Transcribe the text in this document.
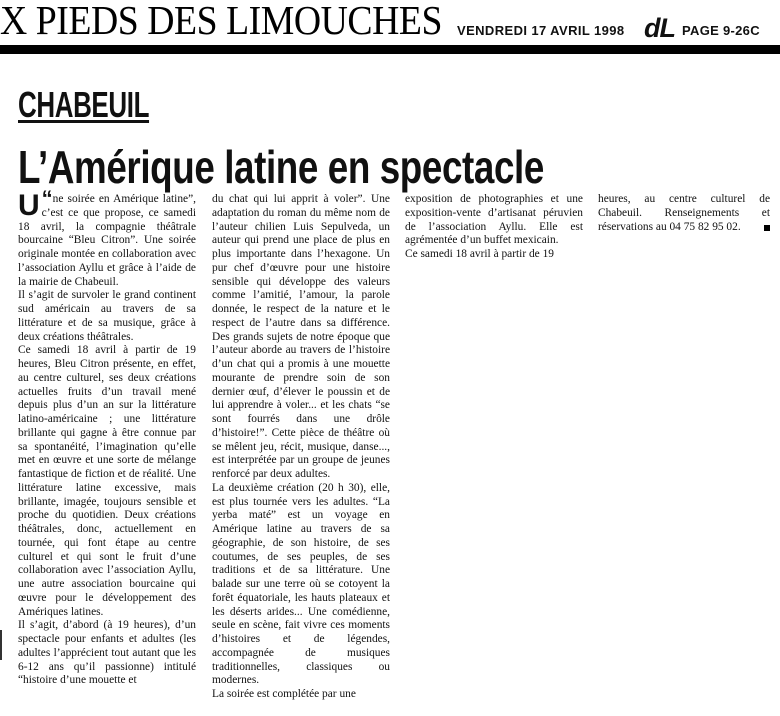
X PIEDS DES LIMOUCHES VENDREDI 17 AVRIL 1998 dL PAGE 9-26C
CHABEUIL
L’Amérique latine en spectacle

“
U ne soirée en Amérique latine”, c’est ce que propose, ce samedi 18 avril, la compagnie théâtrale bourcaine “Bleu Citron”. Une soirée originale montée en collaboration avec l’association Ayllu et grâce à l’aide de la mairie de Chabeuil.

Il s’agit de survoler le grand continent sud américain au travers de sa littérature et de sa musique, grâce à deux créations théâtrales.

Ce samedi 18 avril à partir de 19 heures, Bleu Citron présente, en effet, au centre culturel, ses deux créations actuelles fruits d’un travail mené depuis plus d’un an sur la littérature latino-américaine ; une littérature brillante qui gagne à être connue par sa spontanéité, l’imagination qu’elle met en œuvre et une sorte de mélange fantastique de fiction et de réalité. Une littérature latine excessive, mais brillante, imagée, toujours sensible et proche du quotidien. Deux créations théâtrales, donc, actuellement en tournée, qui font étape au centre culturel et qui sont le fruit d’une collaboration avec l’association Ayllu, une autre association bourcaine qui œuvre pour le développement des Amériques latines.

Il s’agit, d’abord (à 19 heures), d’un spectacle pour enfants et adultes (les adultes l’apprécient tout autant que les 6-12 ans qu’il passionne) intitulé “histoire d’une mouette et

du chat qui lui apprit à voler”. Une adaptation du roman du même nom de l’auteur chilien Luis Sepulveda, un auteur qui prend une place de plus en plus importante dans l’hexagone. Un pur chef d’œuvre pour une histoire sensible qui développe des valeurs comme l’amitié, l’amour, la parole donnée, le respect de la nature et le respect de l’autre dans sa différence. Des grands sujets de notre époque que l’auteur aborde au travers de l’histoire d’un chat qui a promis à une mouette mourante de prendre soin de son dernier œuf, d’élever le poussin et de lui apprendre à voler... et les chats “se sont fourrés dans une drôle d’histoire!”. Cette pièce de théâtre où se mêlent jeu, récit, musique, danse..., est interprétée par un groupe de jeunes renforcé par deux adultes.

La deuxième création (20 h 30), elle, est plus tournée vers les adultes. “La yerba maté” est un voyage en Amérique latine au travers de sa géographie, de son histoire, de ses coutumes, de ses peuples, de ses traditions et de sa littérature. Une balade sur une terre où se cotoyent la forêt équatoriale, les hauts plateaux et les déserts arides... Une comédienne, seule en scène, fait vivre ces moments d’histoires et de légendes, accompagnée de musiques traditionnelles, classiques ou modernes.

La soirée est complétée par une

exposition de photographies et une exposition-vente d’artisanat péruvien de l’association Ayllu. Elle est agrémentée d’un buffet mexicain.

Ce samedi 18 avril à partir de 19

heures, au centre culturel de Chabeuil. Renseignements et réservations au 04 75 82 95 02.
